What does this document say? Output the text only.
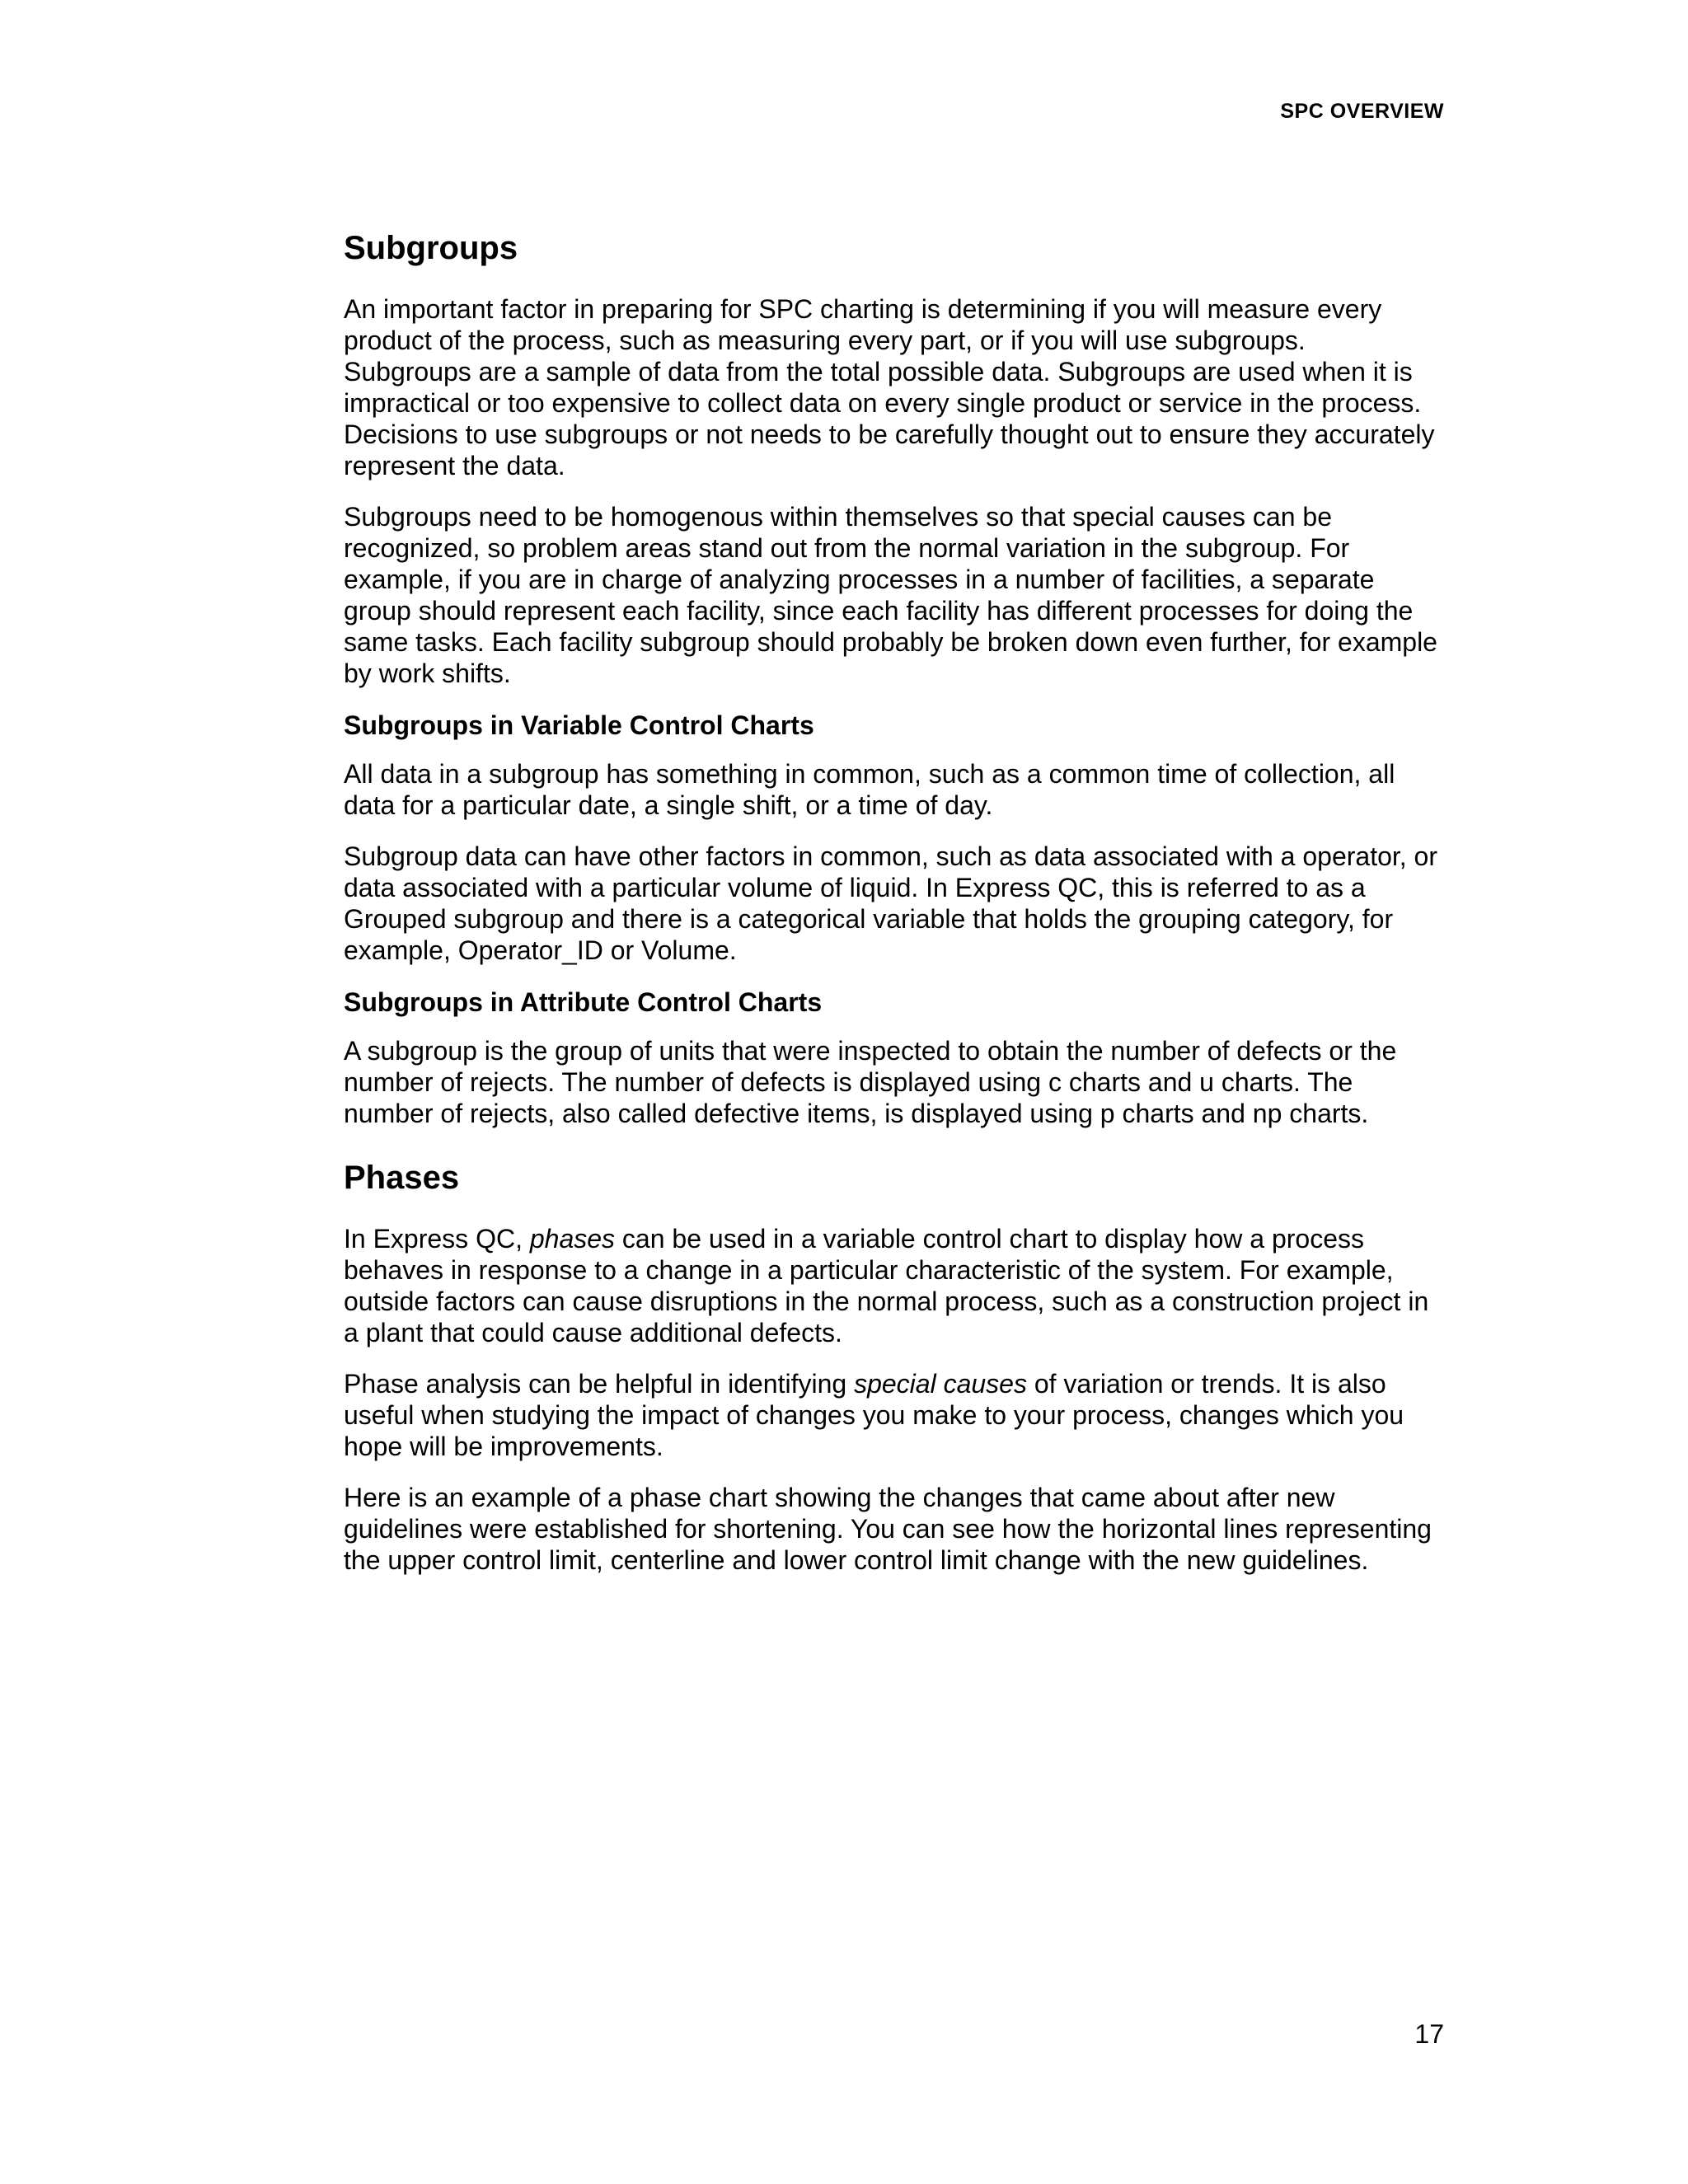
SPC OVERVIEW
Subgroups

An important factor in preparing for SPC charting is determining if you will measure every product of the process, such as measuring every part, or if you will use subgroups. Subgroups are a sample of data from the total possible data. Subgroups are used when it is impractical or too expensive to collect data on every single product or service in the process. Decisions to use subgroups or not needs to be carefully thought out to ensure they accurately represent the data.

Subgroups need to be homogenous within themselves so that special causes can be recognized, so problem areas stand out from the normal variation in the subgroup. For example, if you are in charge of analyzing processes in a number of facilities, a separate group should represent each facility, since each facility has different processes for doing the same tasks. Each facility subgroup should probably be broken down even further, for example by work shifts.

Subgroups in Variable Control Charts

All data in a subgroup has something in common, such as a common time of collection, all data for a particular date, a single shift, or a time of day.

Subgroup data can have other factors in common, such as data associated with a operator, or data associated with a particular volume of liquid. In Express QC, this is referred to as a Grouped subgroup and there is a categorical variable that holds the grouping category, for example, Operator_ID or Volume.

Subgroups in Attribute Control Charts

A subgroup is the group of units that were inspected to obtain the number of defects or the number of rejects. The number of defects is displayed using c charts and u charts. The number of rejects, also called defective items, is displayed using p charts and np charts.

Phases

In Express QC, phases can be used in a variable control chart to display how a process behaves in response to a change in a particular characteristic of the system. For example, outside factors can cause disruptions in the normal process, such as a construction project in a plant that could cause additional defects.

Phase analysis can be helpful in identifying special causes of variation or trends. It is also useful when studying the impact of changes you make to your process, changes which you hope will be improvements.

Here is an example of a phase chart showing the changes that came about after new guidelines were established for shortening. You can see how the horizontal lines representing the upper control limit, centerline and lower control limit change with the new guidelines.

17
